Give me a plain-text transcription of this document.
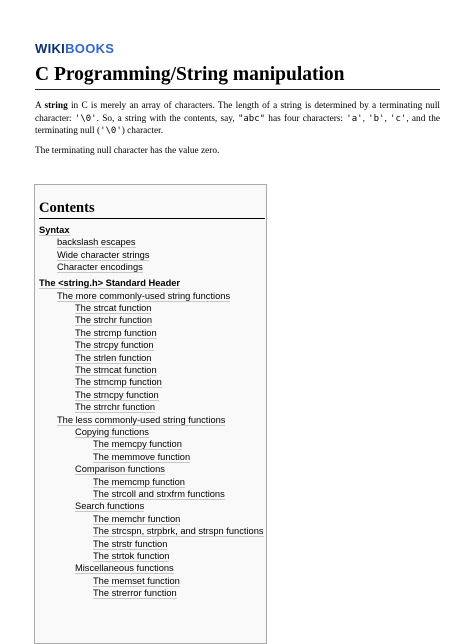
WIKIBOOKS
C Programming/String manipulation

A string in C is merely an array of characters. The length of a string is determined by a terminating null character: '\0'. So, a string with the contents, say, "abc" has four characters: 'a', 'b', 'c', and the terminating null ('\0') character.

The terminating null character has the value zero.

Contents
Syntax
backslash escapes
Wide character strings
Character encodings
The <string.h> Standard Header
The more commonly-used string functions
The strcat function
The strchr function
The strcmp function
The strcpy function
The strlen function
The strncat function
The strncmp function
The strncpy function
The strrchr function
The less commonly-used string functions
Copying functions
The memcpy function
The memmove function
Comparison functions
The memcmp function
The strcoll and strxfrm functions
Search functions
The memchr function
The strcspn, strpbrk, and strspn functions
The strstr function
The strtok function
Miscellaneous functions
The memset function
The strerror function
